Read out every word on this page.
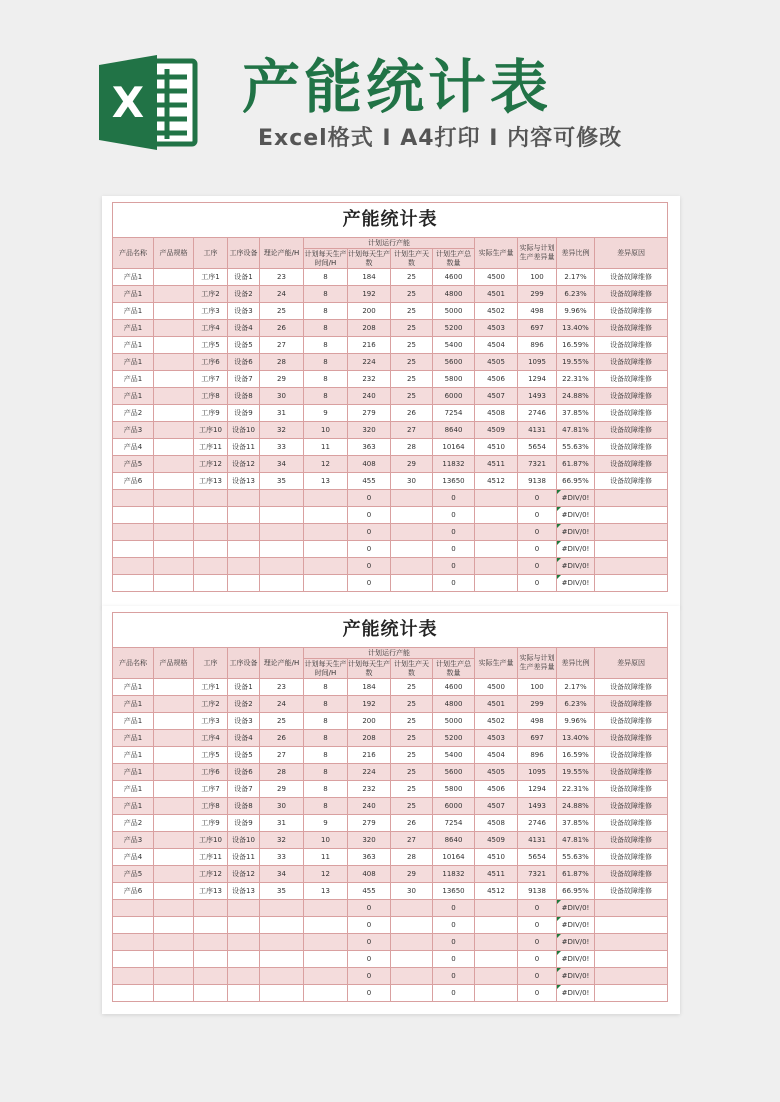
X 产能统计表
Excel格式 I A4打印 I 内容可修改
产能统计表												
产品名称	产品规格	工序	工序设备	理论产能/H	计划运行产能				实际生产量	实际与计划生产差异量	差异比例	差异原因
					计划每天生产时间/H	计划每天生产数	计划生产天数	计划生产总数量				
产品1		工序1	设备1	23	8	184	25	4600	4500	100	2.17%	设备故障维修
产品1		工序2	设备2	24	8	192	25	4800	4501	299	6.23%	设备故障维修
产品1		工序3	设备3	25	8	200	25	5000	4502	498	9.96%	设备故障维修
产品1		工序4	设备4	26	8	208	25	5200	4503	697	13.40%	设备故障维修
产品1		工序5	设备5	27	8	216	25	5400	4504	896	16.59%	设备故障维修
产品1		工序6	设备6	28	8	224	25	5600	4505	1095	19.55%	设备故障维修
产品1		工序7	设备7	29	8	232	25	5800	4506	1294	22.31%	设备故障维修
产品1		工序8	设备8	30	8	240	25	6000	4507	1493	24.88%	设备故障维修
产品2		工序9	设备9	31	9	279	26	7254	4508	2746	37.85%	设备故障维修
产品3		工序10	设备10	32	10	320	27	8640	4509	4131	47.81%	设备故障维修
产品4		工序11	设备11	33	11	363	28	10164	4510	5654	55.63%	设备故障维修
产品5		工序12	设备12	34	12	408	29	11832	4511	7321	61.87%	设备故障维修
产品6		工序13	设备13	35	13	455	30	13650	4512	9138	66.95%	设备故障维修
						0		0		0	#DIV/0!	
						0		0		0	#DIV/0!	
						0		0		0	#DIV/0!	
						0		0		0	#DIV/0!	
						0		0		0	#DIV/0!	
						0		0		0	#DIV/0!	
产能统计表												
产品名称	产品规格	工序	工序设备	理论产能/H	计划运行产能				实际生产量	实际与计划生产差异量	差异比例	差异原因
					计划每天生产时间/H	计划每天生产数	计划生产天数	计划生产总数量				
产品1		工序1	设备1	23	8	184	25	4600	4500	100	2.17%	设备故障维修
产品1		工序2	设备2	24	8	192	25	4800	4501	299	6.23%	设备故障维修
产品1		工序3	设备3	25	8	200	25	5000	4502	498	9.96%	设备故障维修
产品1		工序4	设备4	26	8	208	25	5200	4503	697	13.40%	设备故障维修
产品1		工序5	设备5	27	8	216	25	5400	4504	896	16.59%	设备故障维修
产品1		工序6	设备6	28	8	224	25	5600	4505	1095	19.55%	设备故障维修
产品1		工序7	设备7	29	8	232	25	5800	4506	1294	22.31%	设备故障维修
产品1		工序8	设备8	30	8	240	25	6000	4507	1493	24.88%	设备故障维修
产品2		工序9	设备9	31	9	279	26	7254	4508	2746	37.85%	设备故障维修
产品3		工序10	设备10	32	10	320	27	8640	4509	4131	47.81%	设备故障维修
产品4		工序11	设备11	33	11	363	28	10164	4510	5654	55.63%	设备故障维修
产品5		工序12	设备12	34	12	408	29	11832	4511	7321	61.87%	设备故障维修
产品6		工序13	设备13	35	13	455	30	13650	4512	9138	66.95%	设备故障维修
						0		0		0	#DIV/0!	
						0		0		0	#DIV/0!	
						0		0		0	#DIV/0!	
						0		0		0	#DIV/0!	
						0		0		0	#DIV/0!	
						0		0		0	#DIV/0!	
